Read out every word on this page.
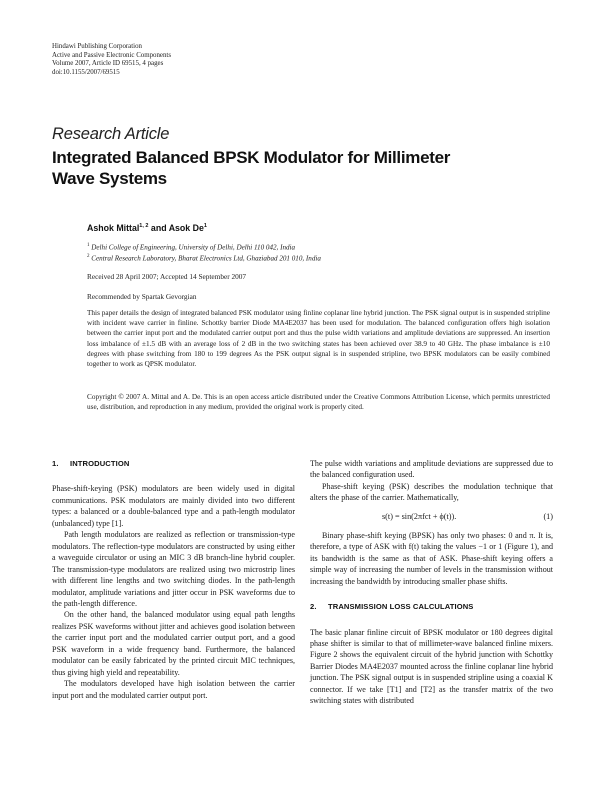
Hindawi Publishing Corporation
Active and Passive Electronic Components
Volume 2007, Article ID 69515, 4 pages
doi:10.1155/2007/69515
Research Article
Integrated Balanced BPSK Modulator for Millimeter Wave Systems
Ashok Mittal$^{1, 2}$ and Asok De$^1$
$^1$ Delhi College of Engineering, University of Delhi, Delhi 110 042, India
$^2$ Central Research Laboratory, Bharat Electronics Ltd, Ghaziabad 201 010, India
Received 28 April 2007; Accepted 14 September 2007
Recommended by Spartak Gevorgian
This paper details the design of integrated balanced PSK modulator using finline coplanar line hybrid junction. The PSK signal output is in suspended stripline with incident wave carrier in finline. Schottky barrier Diode MA4E2037 has been used for modulation. The balanced configuration offers high isolation between the carrier input port and the modulated carrier output port and thus the pulse width variations and amplitude deviations are suppressed. An insertion loss imbalance of ±1.5 dB with an average loss of 2 dB in the two switching states has been achieved over 38.9 to 40 GHz. The phase imbalance is ±10 degrees with phase switching from 180 to 199 degrees As the PSK output signal is in suspended stripline, two BPSK modulators can be easily combined together to work as QPSK modulator.
Copyright © 2007 A. Mittal and A. De. This is an open access article distributed under the Creative Commons Attribution License, which permits unrestricted use, distribution, and reproduction in any medium, provided the original work is properly cited.
1. INTRODUCTION

Phase-shift-keying (PSK) modulators are been widely used in digital communications. PSK modulators are mainly divided into two different types: a balanced or a double-balanced type and a path-length modulator (unbalanced) type [1].

Path length modulators are realized as reflection or transmission-type modulators. The reflection-type modulators are constructed by using either a waveguide circulator or using an MIC 3 dB branch-line hybrid coupler. The transmission-type modulators are realized using two microstrip lines with different line lengths and two switching diodes. In the path-length modulator, amplitude variations and jitter occur in PSK waveforms due to the path-length difference.

On the other hand, the balanced modulator using equal path lengths realizes PSK waveforms without jitter and achieves good isolation between the carrier input port and the modulated carrier output port, and a good PSK waveform in a wide frequency band. Furthermore, the balanced modulator can be easily fabricated by the printed circuit MIC techniques, thus giving high yield and repeatability.

The modulators developed have high isolation between the carrier input port and the modulated carrier output port.

The pulse width variations and amplitude deviations are suppressed due to the balanced configuration used.

Phase-shift keying (PSK) describes the modulation technique that alters the phase of the carrier. Mathematically,

s(t) = sin(2πfct + ϕ(t)).	(1)

Binary phase-shift keying (BPSK) has only two phases: 0 and π. It is, therefore, a type of ASK with f(t) taking the values −1 or 1 (Figure 1), and its bandwidth is the same as that of ASK. Phase-shift keying offers a simple way of increasing the number of levels in the transmission without increasing the bandwidth by introducing smaller phase shifts.

2. TRANSMISSION LOSS CALCULATIONS

The basic planar finline circuit of BPSK modulator or 180 degrees digital phase shifter is similar to that of millimeter-wave balanced finline mixers. Figure 2 shows the equivalent circuit of the hybrid junction with Schottky Barrier Diodes MA4E2037 mounted across the finline coplanar line hybrid junction. The PSK signal output is in suspended stripline using a coaxial K connector. If we take [T1] and [T2] as the transfer matrix of the two switching states with distributed
